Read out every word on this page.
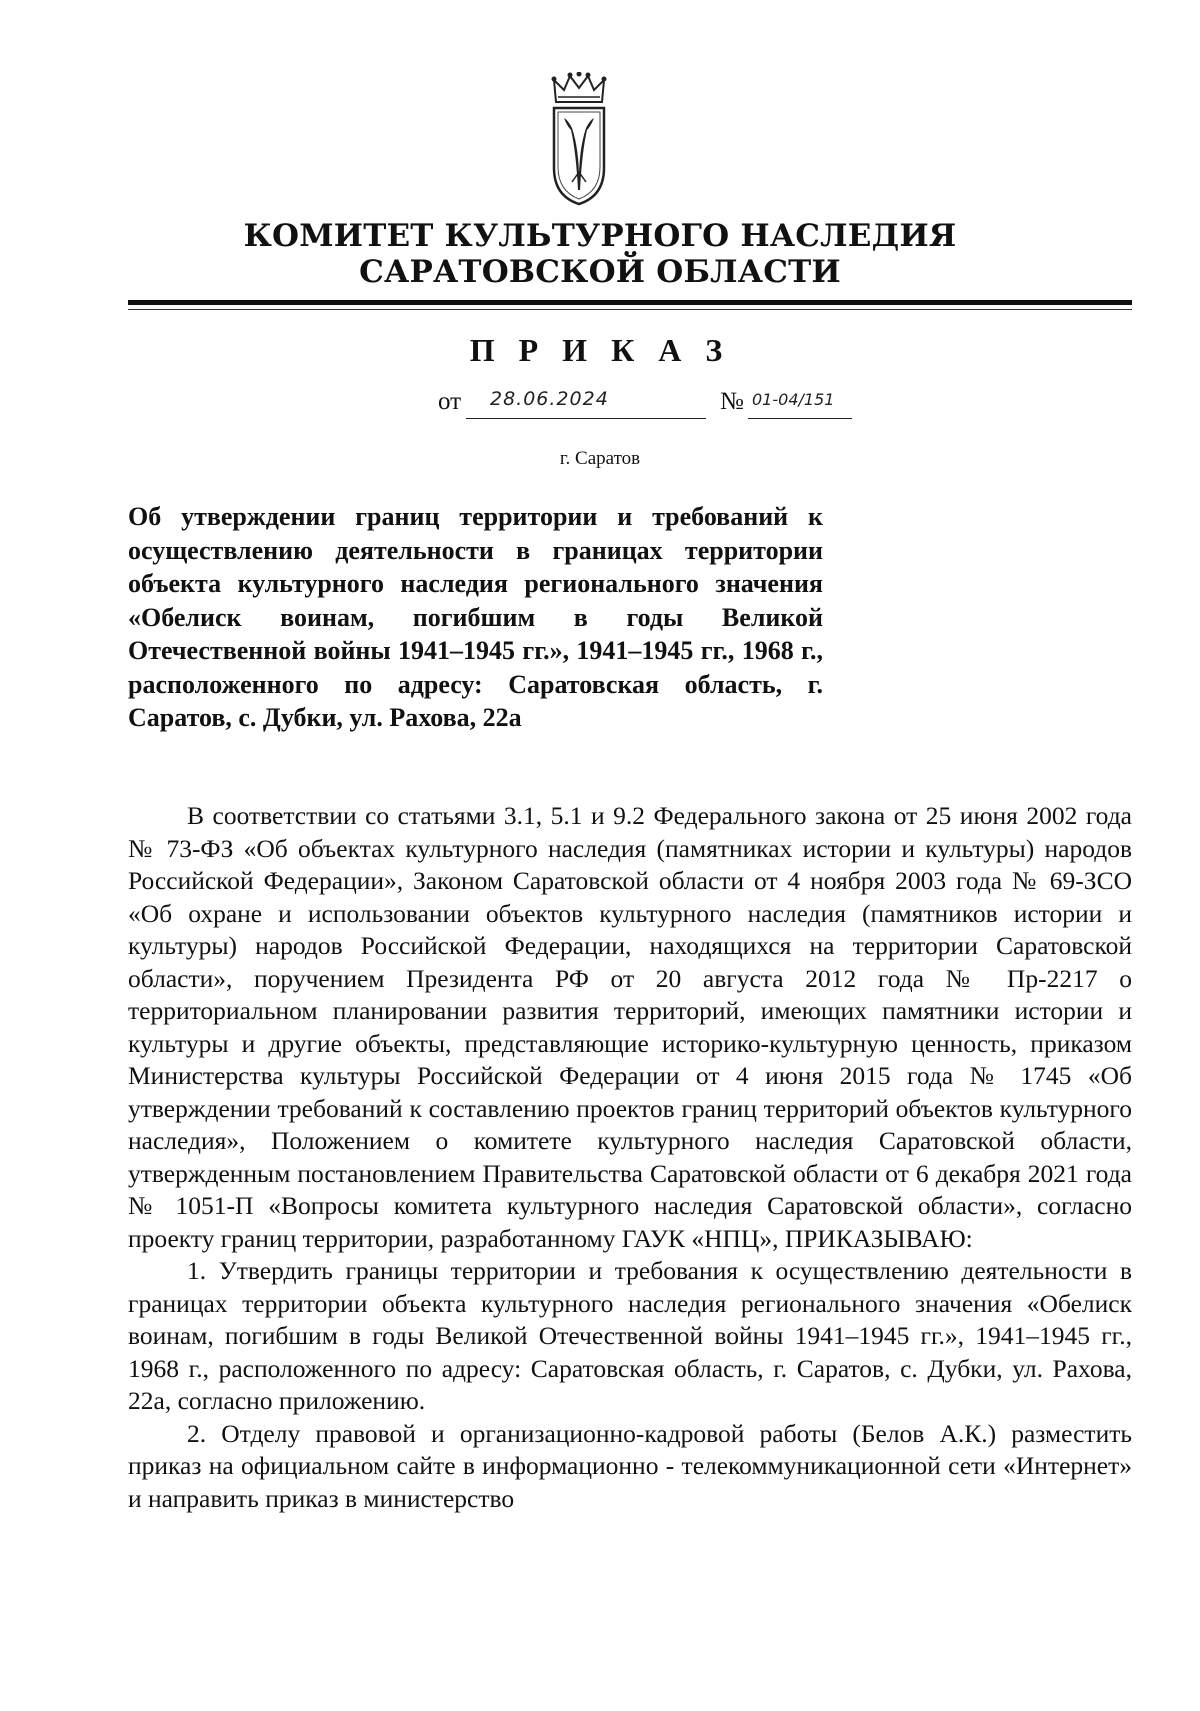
КОМИТЕТ КУЛЬТУРНОГО НАСЛЕДИЯ
САРАТОВСКОЙ ОБЛАСТИ
П Р И К А З
от 28.06.2024	№ 01-04/151
г. Саратов

Об утверждении границ территории и требований к осуществлению деятельности в границах территории объекта культурного наследия регионального значения «Обелиск воинам, погибшим в годы Великой Отечественной войны 1941–1945 гг.», 1941–1945 гг., 1968 г., расположенного по адресу: Саратовская область, г. Саратов, с. Дубки, ул. Рахова, 22а

В соответствии со статьями 3.1, 5.1 и 9.2 Федерального закона от 25 июня 2002 года № 73-ФЗ «Об объектах культурного наследия (памятниках истории и культуры) народов Российской Федерации», Законом Саратовской области от 4 ноября 2003 года № 69-ЗСО «Об охране и использовании объектов культурного наследия (памятников истории и культуры) народов Российской Федерации, находящихся на территории Саратовской области», поручением Президента РФ от 20 августа 2012 года № Пр-2217 о территориальном планировании развития территорий, имеющих памятники истории и культуры и другие объекты, представляющие историко-культурную ценность, приказом Министерства культуры Российской Федерации от 4 июня 2015 года № 1745 «Об утверждении требований к составлению проектов границ территорий объектов культурного наследия», Положением о комитете культурного наследия Саратовской области, утвержденным постановлением Правительства Саратовской области от 6 декабря 2021 года № 1051-П «Вопросы комитета культурного наследия Саратовской области», согласно проекту границ территории, разработанному ГАУК «НПЦ», ПРИКАЗЫВАЮ:

1. Утвердить границы территории и требования к осуществлению деятельности в границах территории объекта культурного наследия регионального значения «Обелиск воинам, погибшим в годы Великой Отечественной войны 1941–1945 гг.», 1941–1945 гг., 1968 г., расположенного по адресу: Саратовская область, г. Саратов, с. Дубки, ул. Рахова, 22а, согласно приложению.

2. Отделу правовой и организационно-кадровой работы (Белов А.К.) разместить приказ на официальном сайте в информационно - телекоммуникационной сети «Интернет» и направить приказ в министерство
